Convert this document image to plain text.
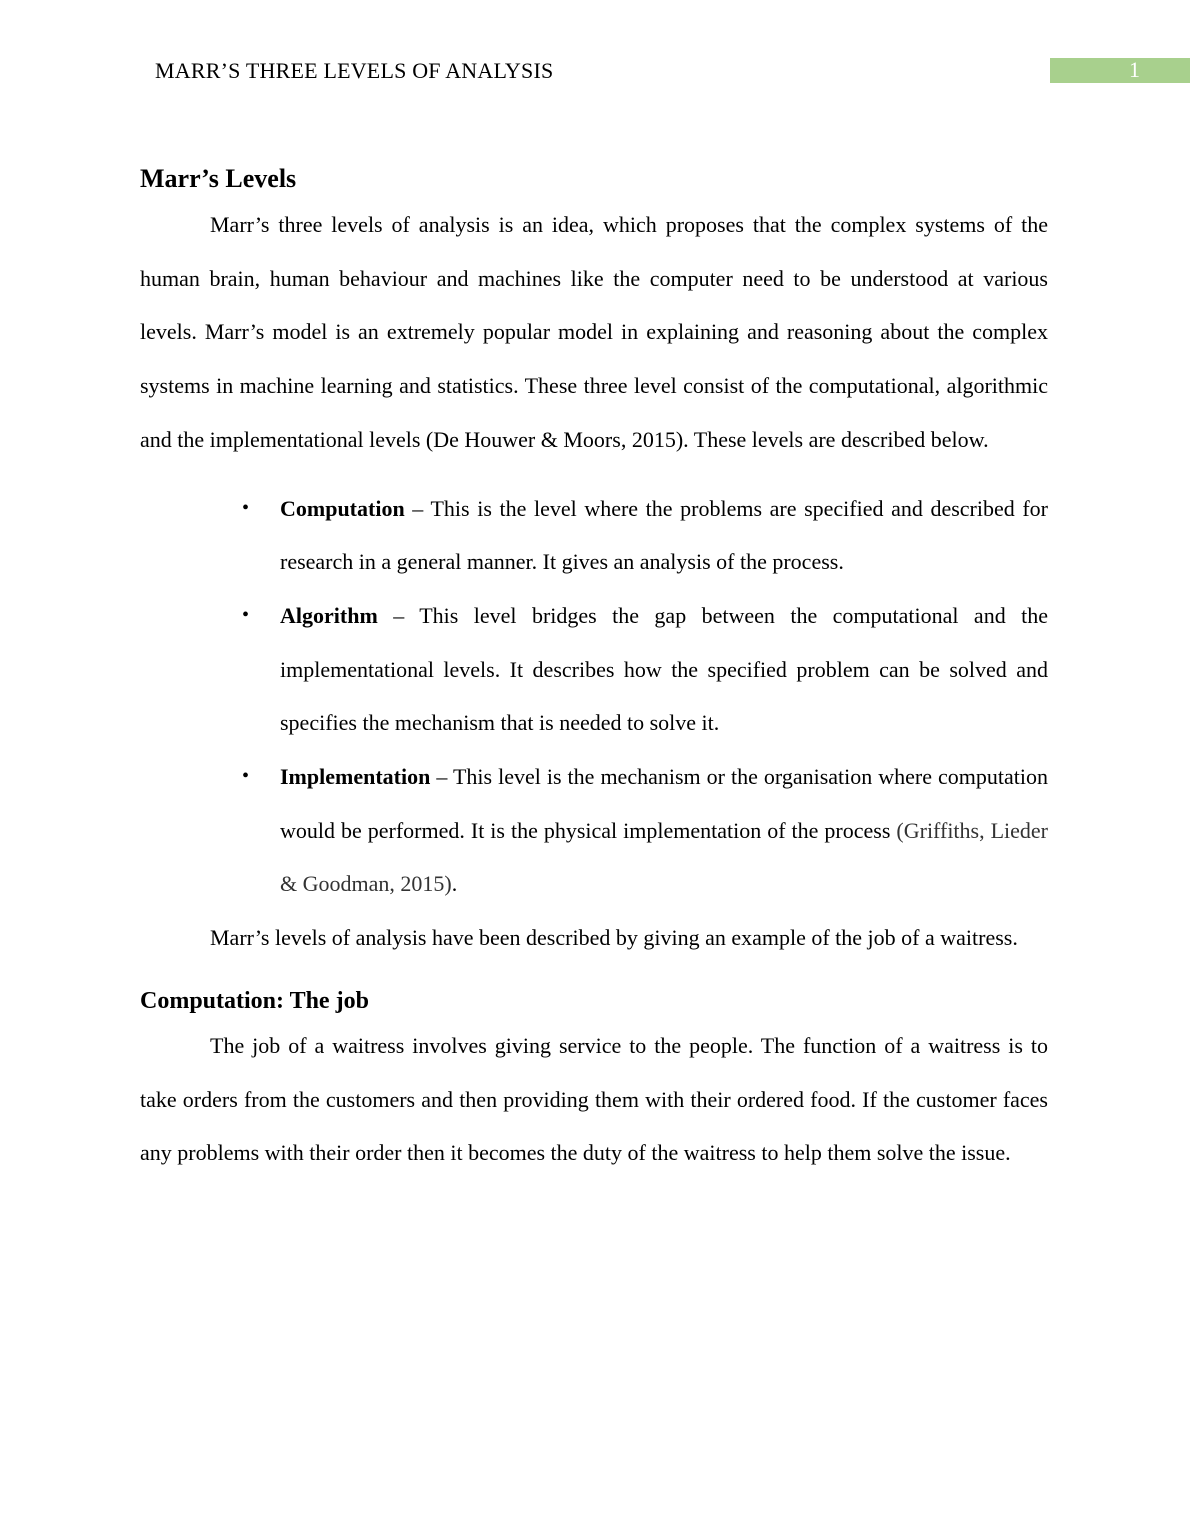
MARR’S THREE LEVELS OF ANALYSIS	1
Marr’s Levels

Marr’s three levels of analysis is an idea, which proposes that the complex systems of the human brain, human behaviour and machines like the computer need to be understood at various levels. Marr’s model is an extremely popular model in explaining and reasoning about the complex systems in machine learning and statistics. These three level consist of the computational, algorithmic and the implementational levels (De Houwer & Moors, 2015). These levels are described below.

• Computation – This is the level where the problems are specified and described for research in a general manner. It gives an analysis of the process.
• Algorithm – This level bridges the gap between the computational and the implementational levels. It describes how the specified problem can be solved and specifies the mechanism that is needed to solve it.
• Implementation – This level is the mechanism or the organisation where computation would be performed. It is the physical implementation of the process (Griffiths, Lieder & Goodman, 2015).

Marr’s levels of analysis have been described by giving an example of the job of a waitress.

Computation: The job

The job of a waitress involves giving service to the people. The function of a waitress is to take orders from the customers and then providing them with their ordered food. If the customer faces any problems with their order then it becomes the duty of the waitress to help them solve the issue.
